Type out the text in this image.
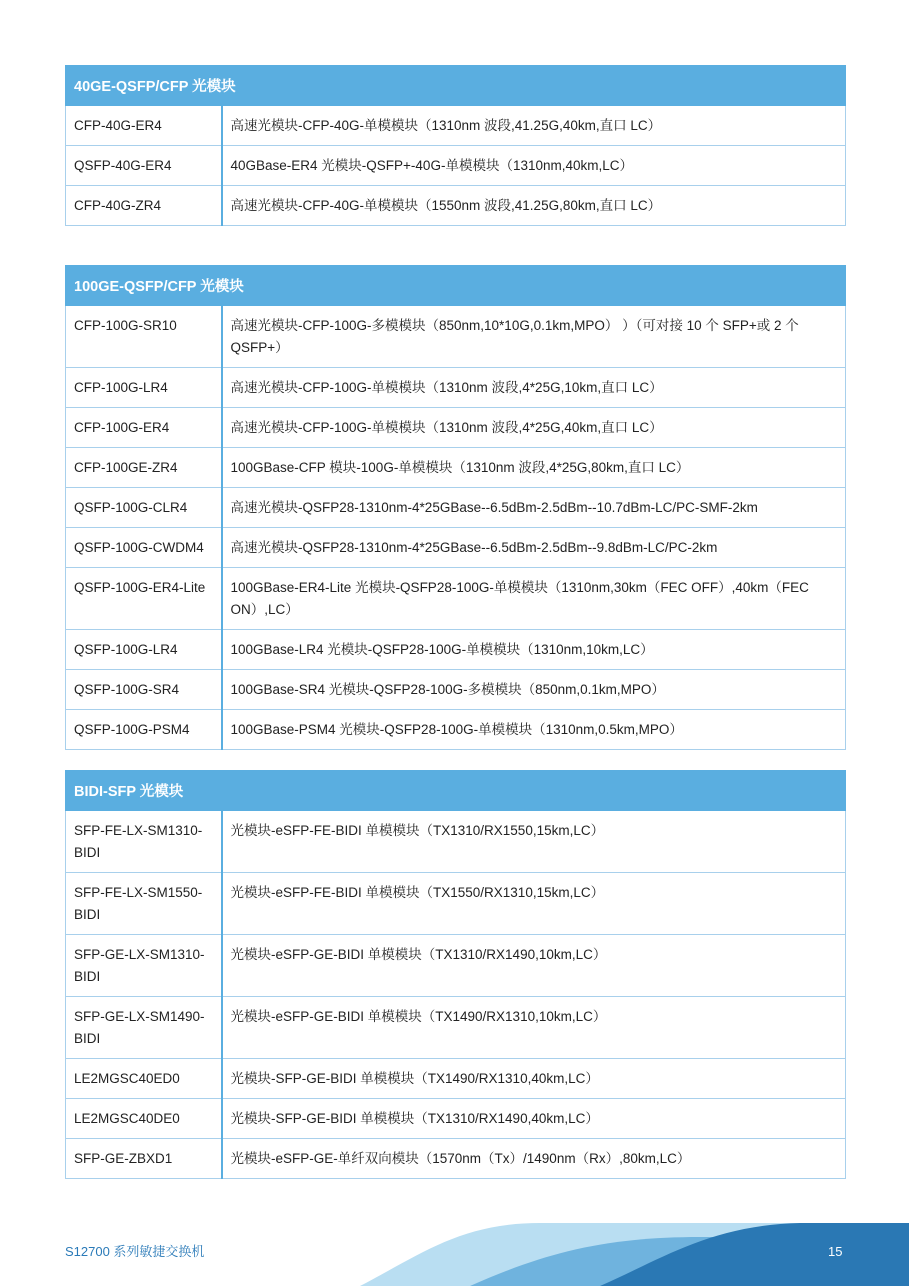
40GE-QSFP/CFP 光模块	
CFP-40G-ER4	高速光模块-CFP-40G-单模模块（1310nm 波段,41.25G,40km,直口 LC）
QSFP-40G-ER4	40GBase-ER4 光模块-QSFP+-40G-单模模块（1310nm,40km,LC）
CFP-40G-ZR4	高速光模块-CFP-40G-单模模块（1550nm 波段,41.25G,80km,直口 LC）
100GE-QSFP/CFP 光模块	
CFP-100G-SR10	高速光模块-CFP-100G-多模模块（850nm,10*10G,0.1km,MPO） ）（可对接 10 个 SFP+或 2 个 QSFP+）
CFP-100G-LR4	高速光模块-CFP-100G-单模模块（1310nm 波段,4*25G,10km,直口 LC）
CFP-100G-ER4	高速光模块-CFP-100G-单模模块（1310nm 波段,4*25G,40km,直口 LC）
CFP-100GE-ZR4	100GBase-CFP 模块-100G-单模模块（1310nm 波段,4*25G,80km,直口 LC）
QSFP-100G-CLR4	高速光模块-QSFP28-1310nm-4*25GBase--6.5dBm-2.5dBm--10.7dBm-LC/PC-SMF-2km
QSFP-100G-CWDM4	高速光模块-QSFP28-1310nm-4*25GBase--6.5dBm-2.5dBm--9.8dBm-LC/PC-2km
QSFP-100G-ER4-Lite	100GBase-ER4-Lite 光模块-QSFP28-100G-单模模块（1310nm,30km（FEC OFF）,40km（FEC ON）,LC）
QSFP-100G-LR4	100GBase-LR4 光模块-QSFP28-100G-单模模块（1310nm,10km,LC）
QSFP-100G-SR4	100GBase-SR4 光模块-QSFP28-100G-多模模块（850nm,0.1km,MPO）
QSFP-100G-PSM4	100GBase-PSM4 光模块-QSFP28-100G-单模模块（1310nm,0.5km,MPO）
BIDI-SFP 光模块	
SFP-FE-LX-SM1310-BIDI	光模块-eSFP-FE-BIDI 单模模块（TX1310/RX1550,15km,LC）
SFP-FE-LX-SM1550-BIDI	光模块-eSFP-FE-BIDI 单模模块（TX1550/RX1310,15km,LC）
SFP-GE-LX-SM1310-BIDI	光模块-eSFP-GE-BIDI 单模模块（TX1310/RX1490,10km,LC）
SFP-GE-LX-SM1490-BIDI	光模块-eSFP-GE-BIDI 单模模块（TX1490/RX1310,10km,LC）
LE2MGSC40ED0	光模块-SFP-GE-BIDI 单模模块（TX1490/RX1310,40km,LC）
LE2MGSC40DE0	光模块-SFP-GE-BIDI 单模模块（TX1310/RX1490,40km,LC）
SFP-GE-ZBXD1	光模块-eSFP-GE-单纤双向模块（1570nm（Tx）/1490nm（Rx）,80km,LC）
S12700 系列敏捷交换机	15
